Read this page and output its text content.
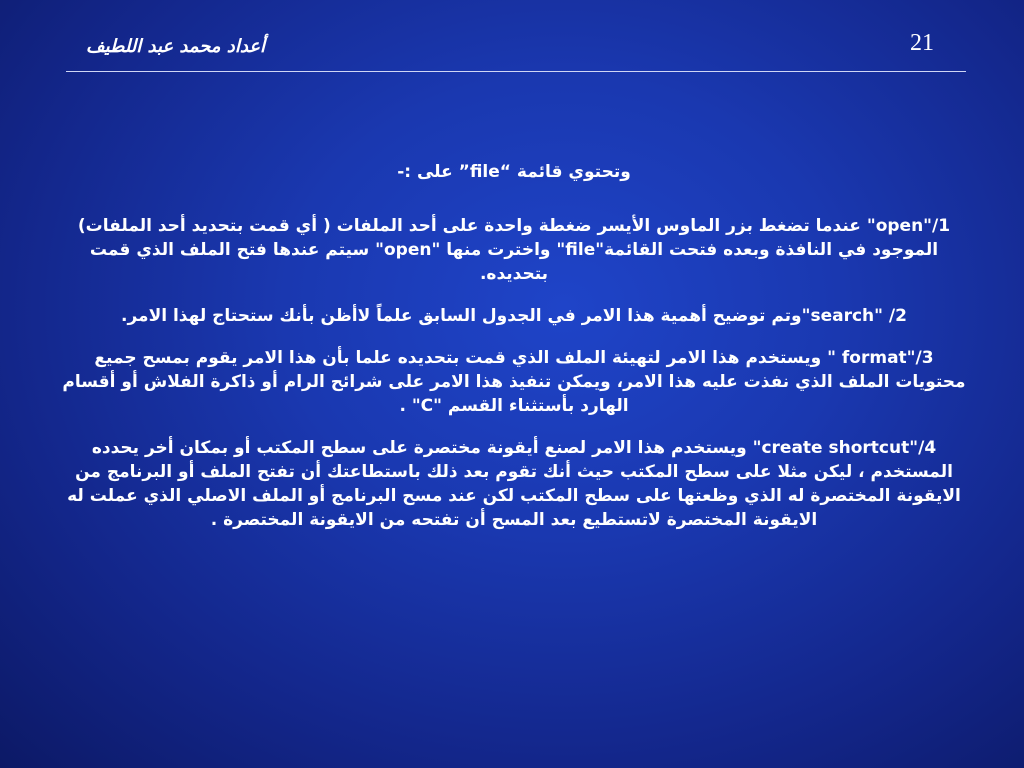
أعداد محمد عبد اللطيف	21

وتحتوي قائمة “file” على :-

1/"open" عندما تضغط بزر الماوس الأيسر ضغطة واحدة على أحد الملفات ( أي قمت بتحديد أحد الملفات) الموجود في النافذة وبعده فتحت القائمة"file" واخترت منها "open" سيتم عندها فتح الملف الذي قمت بتحديده.

2/ "search"وتم توضيح أهمية هذا الامر في الجدول السابق علماً لاأظن بأنك ستحتاج لهذا الامر.

3/"format " ويستخدم هذا الامر لتهيئة الملف الذي قمت بتحديده علما بأن هذا الامر يقوم بمسح جميع محتويات الملف الذي نفذت عليه هذا الامر، ويمكن تنفيذ هذا الامر على شرائح الرام أو ذاكرة الفلاش أو أقسام الهارد بأستثناء القسم "C" .

4/"create shortcut" ويستخدم هذا الامر لصنع أيقونة مختصرة على سطح المكتب أو بمكان أخر يحدده المستخدم ، ليكن مثلا على سطح المكتب حيث أنك تقوم بعد ذلك باستطاعتك أن تفتح الملف أو البرنامج من الايقونة المختصرة له الذي وظعتها على سطح المكتب لكن عند مسح البرنامج أو الملف الاصلي الذي عملت له الايقونة المختصرة لاتستطيع بعد المسح أن تفتحه من الايقونة المختصرة .
